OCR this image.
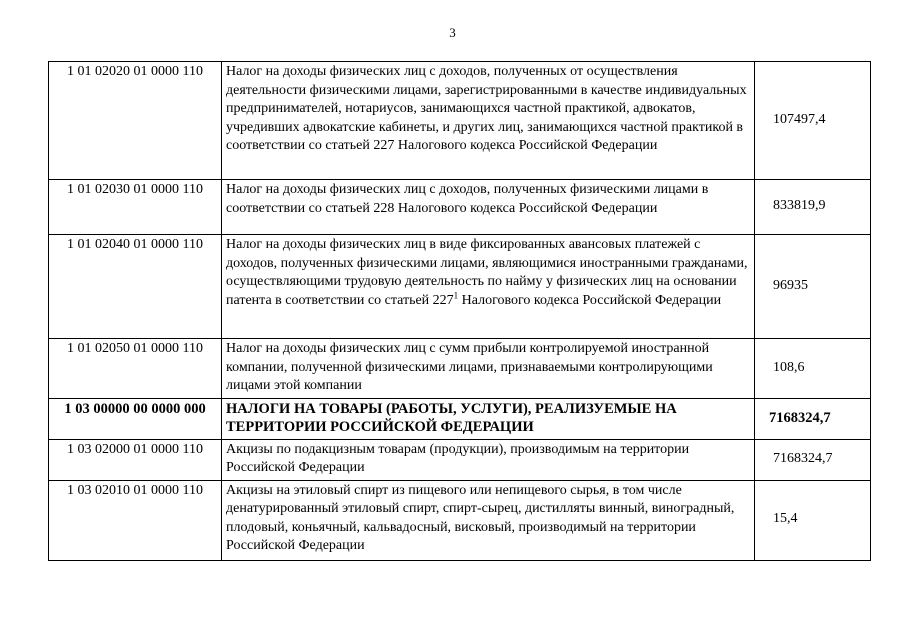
3
1 01 02020 01 0000 110	Налог на доходы физических лиц с доходов, полученных от осуществления деятельности физическими лицами, зарегистрированными в качестве индивидуальных предпринимателей, нотариусов, занимающихся частной практикой, адвокатов, учредивших адвокатские кабинеты, и других лиц, занимающихся частной практикой в соответствии со статьей 227 Налогового кодекса Российской Федерации	107497,4
1 01 02030 01 0000 110	Налог на доходы физических лиц с доходов, полученных физическими лицами в соответствии со статьей 228 Налогового кодекса Российской Федерации	833819,9
1 01 02040 01 0000 110	Налог на доходы физических лиц в виде фиксированных авансовых платежей с доходов, полученных физическими лицами, являющимися иностранными гражданами, осуществляющими трудовую деятельность по найму у физических лиц на основании патента в соответствии со статьей $227^1$ Налогового кодекса Российской Федерации	96935
1 01 02050 01 0000 110	Налог на доходы физических лиц с сумм прибыли контролируемой иностранной компании, полученной физическими лицами, признаваемыми контролирующими лицами этой компании	108,6
1 03 00000 00 0000 000	НАЛОГИ НА ТОВАРЫ (РАБОТЫ, УСЛУГИ), РЕАЛИЗУЕМЫЕ НА ТЕРРИТОРИИ РОССИЙСКОЙ ФЕДЕРАЦИИ	7168324,7
1 03 02000 01 0000 110	Акцизы по подакцизным товарам (продукции), производимым на территории Российской Федерации	7168324,7
1 03 02010 01 0000 110	Акцизы на этиловый спирт из пищевого или непищевого сырья, в том числе денатурированный этиловый спирт, спирт-сырец, дистилляты винный, виноградный, плодовый, коньячный, кальвадосный, висковый, производимый на территории Российской Федерации	15,4
